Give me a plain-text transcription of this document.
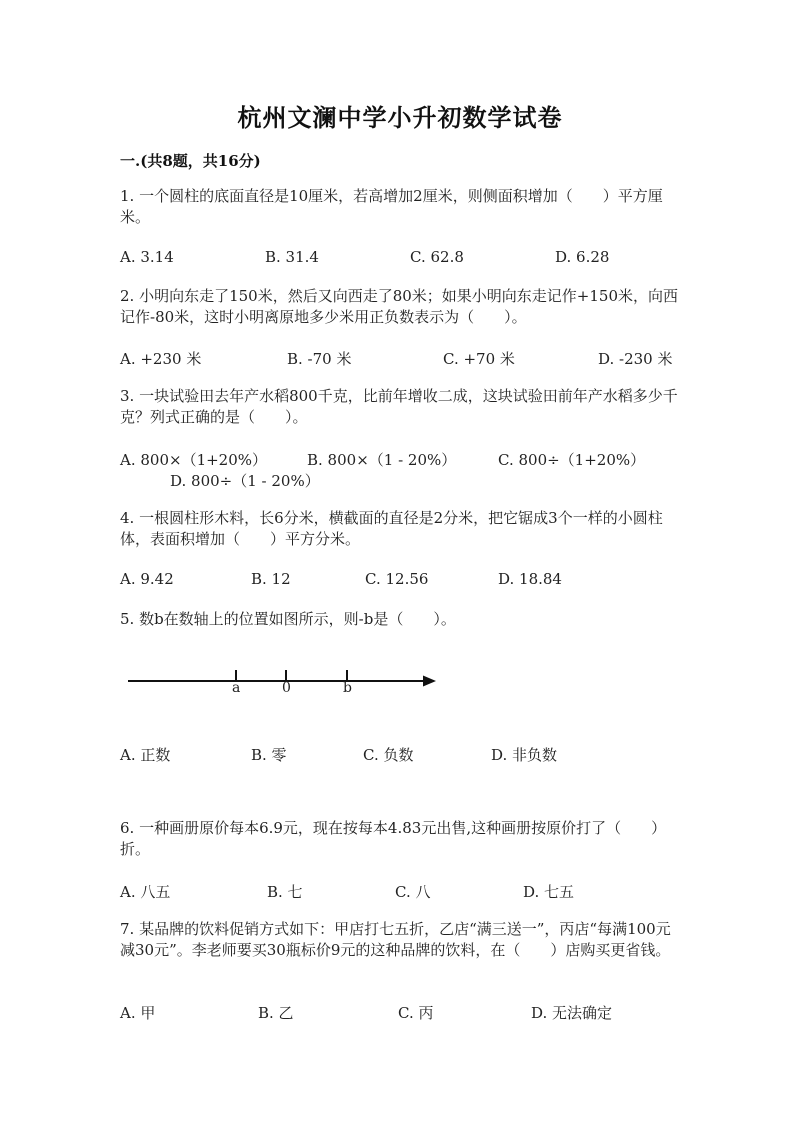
杭州文澜中学小升初数学试卷
一.(共8题，共16分)
1. 一个圆柱的底面直径是10厘米，若高增加2厘米，则侧面积增加（　　）平方厘米。
A. 3.14	B. 31.4	C. 62.8	D. 6.28
2. 小明向东走了150米，然后又向西走了80米；如果小明向东走记作+150米，向西记作-80米，这时小明离原地多少米用正负数表示为（　　）。
A. +230 米	B. -70 米	C. +70 米	D. -230 米
3. 一块试验田去年产水稻800千克，比前年增收二成，这块试验田前年产水稻多少千克？列式正确的是（　　）。
A. 800×（1+20%）	B. 800×（1 - 20%）	C. 800÷（1+20%）
D. 800÷（1 - 20%）
4. 一根圆柱形木料，长6分米，横截面的直径是2分米，把它锯成3个一样的小圆柱体，表面积增加（　　）平方分米。
A. 9.42	B. 12	C. 12.56	D. 18.84
5. 数b在数轴上的位置如图所示，则-b是（　　）。
a	0	b
A. 正数	B. 零	C. 负数	D. 非负数
6. 一种画册原价每本6.9元，现在按每本4.83元出售,这种画册按原价打了（　　）折。
A. 八五	B. 七	C. 八	D. 七五
7. 某品牌的饮料促销方式如下：甲店打七五折，乙店“满三送一”，丙店“每满100元减30元”。李老师要买30瓶标价9元的这种品牌的饮料，在（　　）店购买更省钱。
A. 甲	B. 乙	C. 丙	D. 无法确定
